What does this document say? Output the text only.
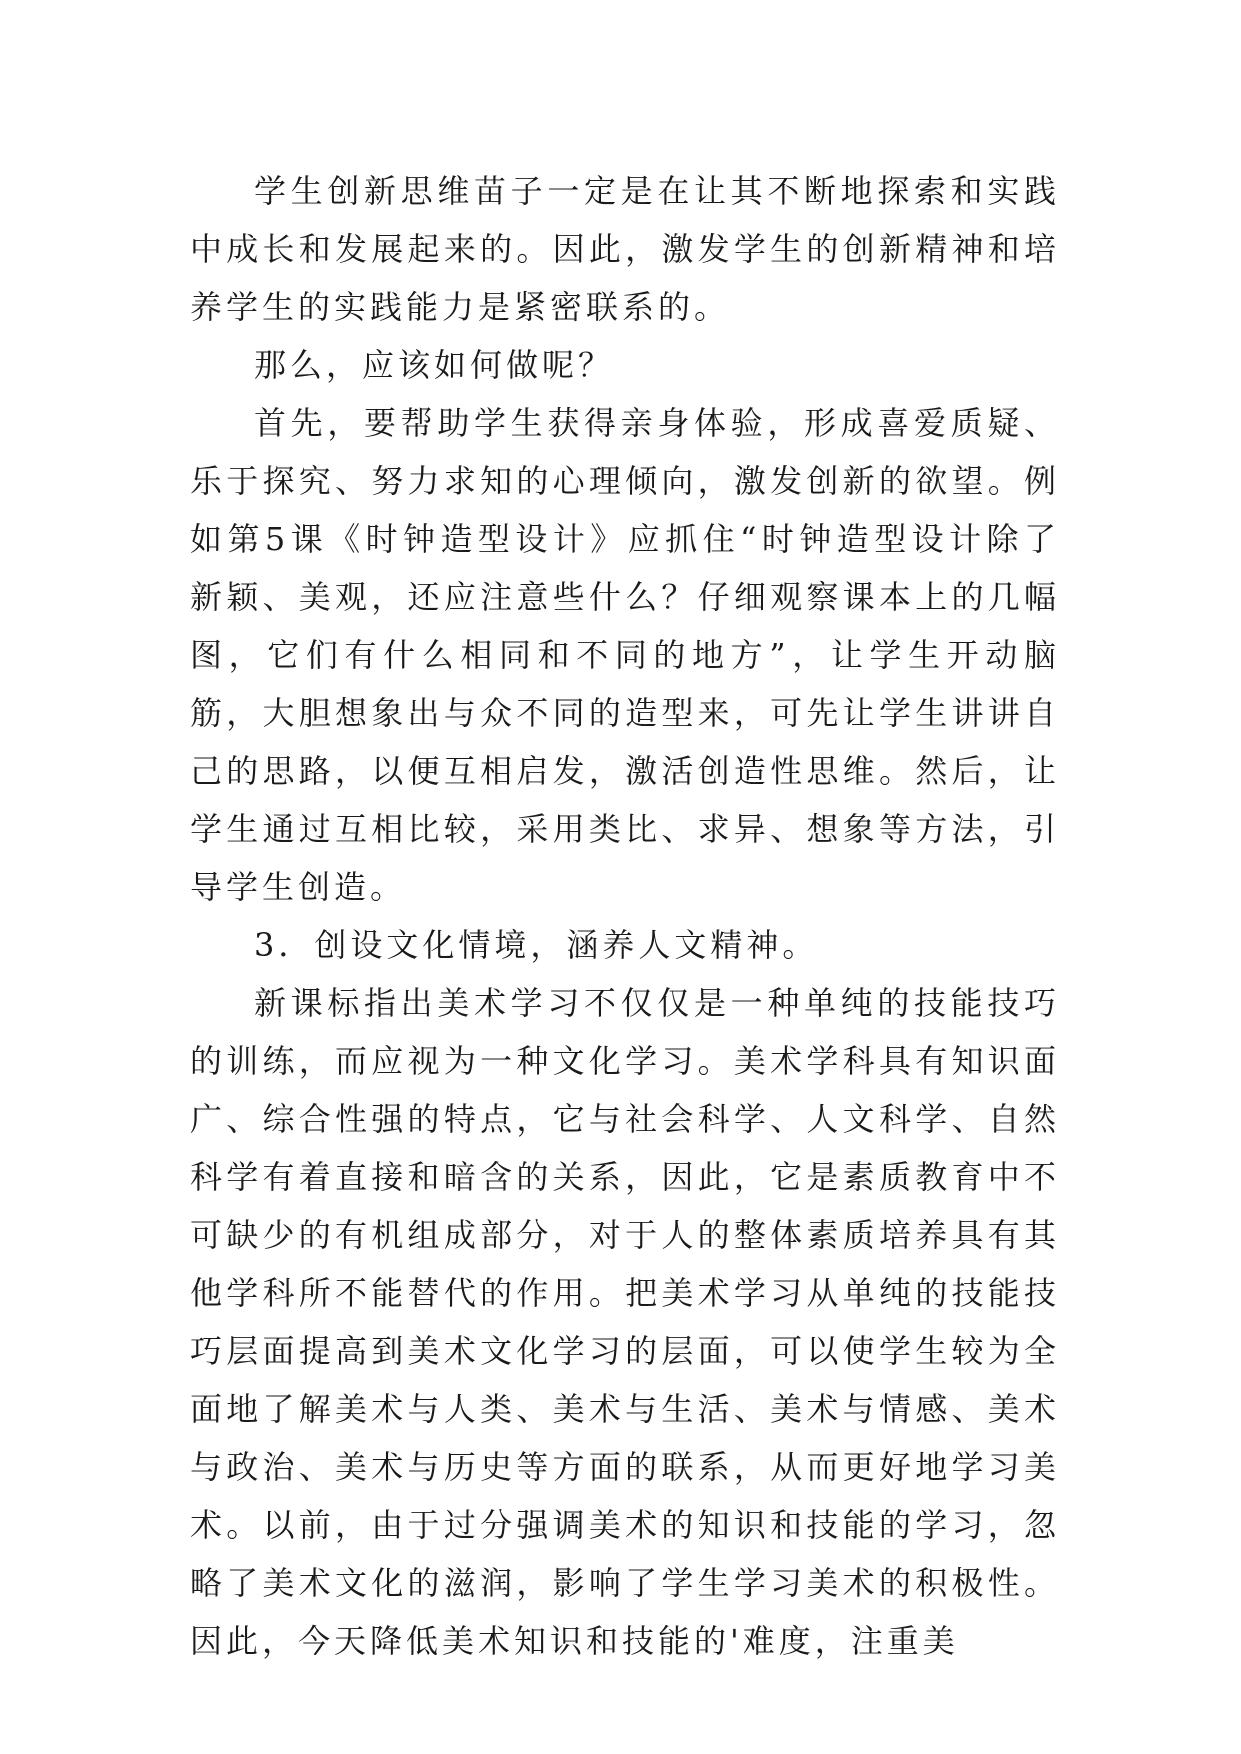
学生创新思维苗子一定是在让其不断地探索和实践中成长和发展起来的。因此，激发学生的创新精神和培养学生的实践能力是紧密联系的。

那么，应该如何做呢？

首先，要帮助学生获得亲身体验，形成喜爱质疑、乐于探究、努力求知的心理倾向，激发创新的欲望。例如第5课《时钟造型设计》应抓住“时钟造型设计除了新颖、美观，还应注意些什么？仔细观察课本上的几幅图，它们有什么相同和不同的地方”，让学生开动脑筋，大胆想象出与众不同的造型来，可先让学生讲讲自己的思路，以便互相启发，激活创造性思维。然后，让学生通过互相比较，采用类比、求异、想象等方法，引导学生创造。

3．创设文化情境，涵养人文精神。

新课标指出美术学习不仅仅是一种单纯的技能技巧的训练，而应视为一种文化学习。美术学科具有知识面广、综合性强的特点，它与社会科学、人文科学、自然科学有着直接和暗含的关系，因此，它是素质教育中不可缺少的有机组成部分，对于人的整体素质培养具有其他学科所不能替代的作用。把美术学习从单纯的技能技巧层面提高到美术文化学习的层面，可以使学生较为全面地了解美术与人类、美术与生活、美术与情感、美术与政治、美术与历史等方面的联系，从而更好地学习美术。以前，由于过分强调美术的知识和技能的学习，忽略了美术文化的滋润，影响了学生学习美术的积极性。因此，今天降低美术知识和技能的'难度，注重美
